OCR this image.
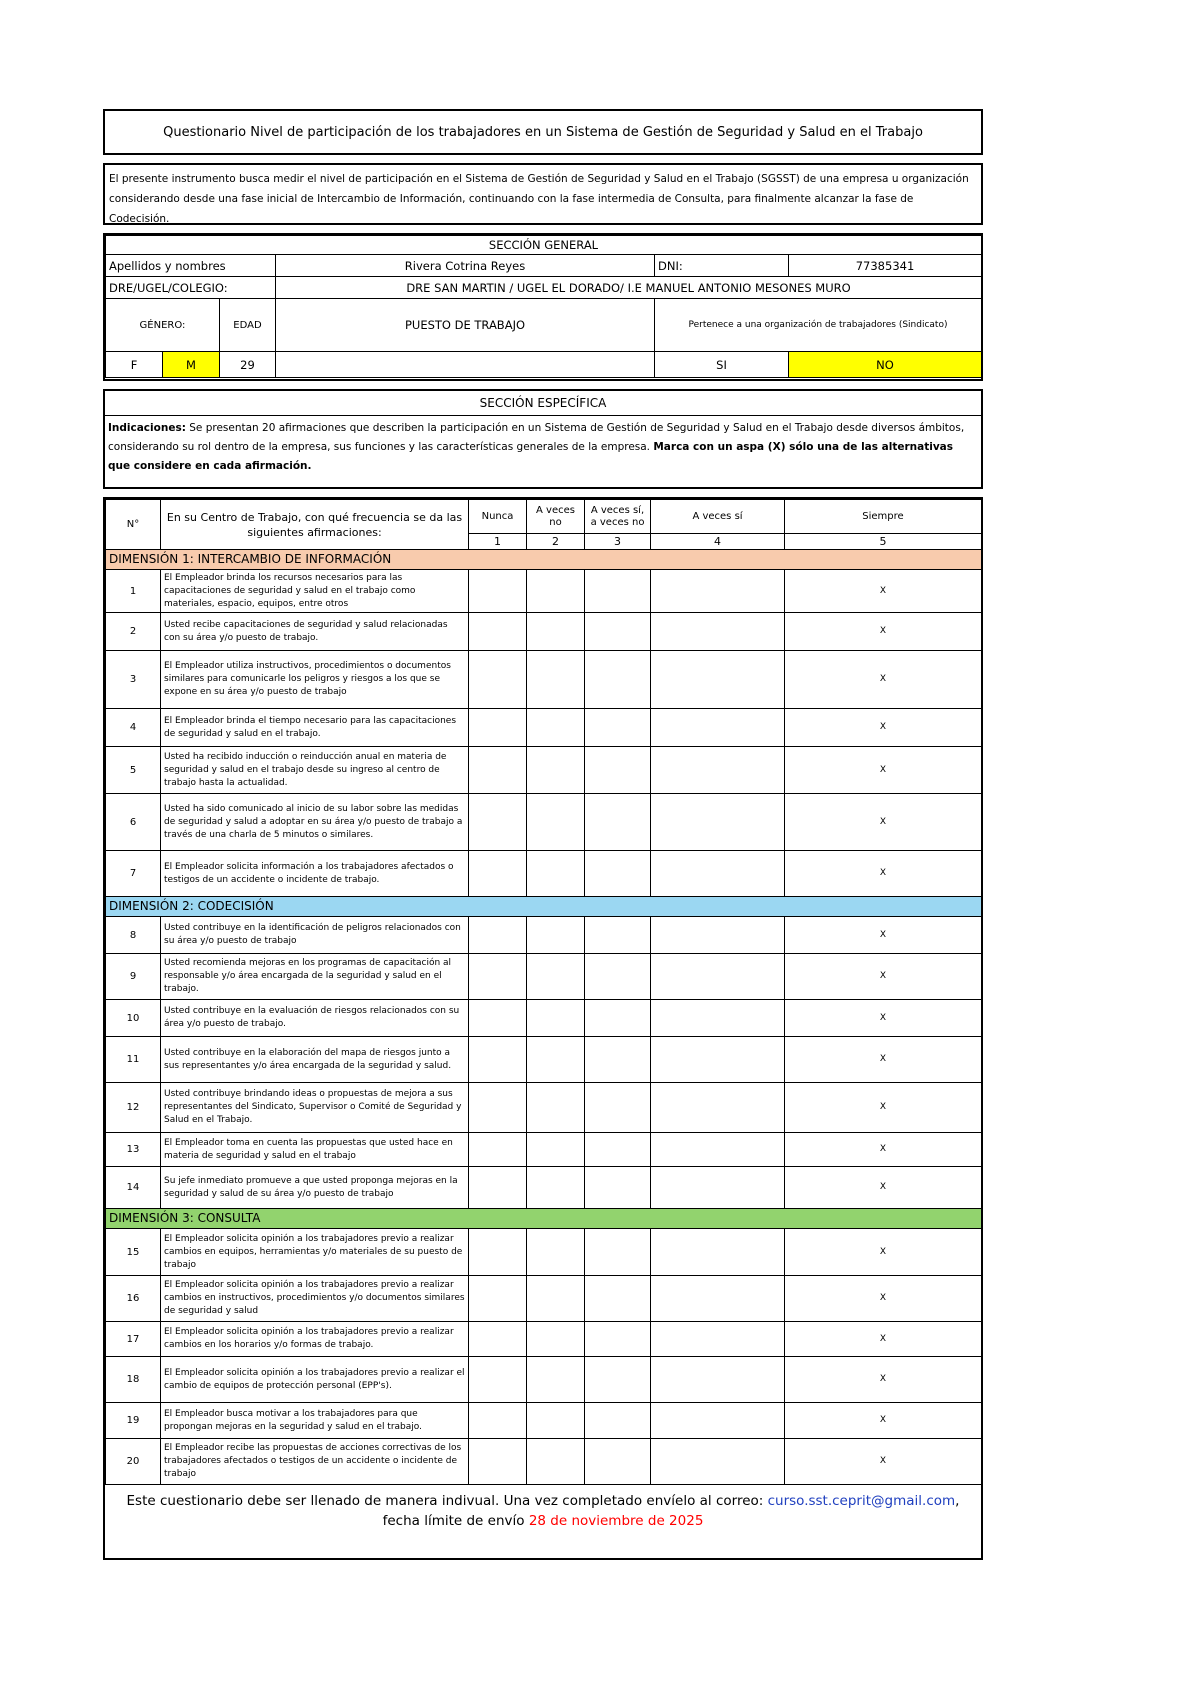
Questionario Nivel de participación de los trabajadores en un Sistema de Gestión de Seguridad y Salud en el Trabajo
El presente instrumento busca medir el nivel de participación en el Sistema de Gestión de Seguridad y Salud en el Trabajo (SGSST) de una empresa u organización considerando desde una fase inicial de Intercambio de Información, continuando con la fase intermedia de Consulta, para finalmente alcanzar la fase de Codecisión.
SECCIÓN GENERAL					
Apellidos y nombres			Rivera Cotrina Reyes	DNI:	77385341
DRE/UGEL/COLEGIO:			DRE SAN MARTIN / UGEL EL DORADO/ I.E MANUEL ANTONIO MESONES MURO		
GÉNERO:		EDAD	PUESTO DE TRABAJO	Pertenece a una organización de trabajadores (Sindicato)	
F	M	29		SI	NO
SECCIÓN ESPECÍFICA
Indicaciones: Se presentan 20 afirmaciones que describen la participación en un Sistema de Gestión de Seguridad y Salud en el Trabajo desde diversos ámbitos, considerando su rol dentro de la empresa, sus funciones y las características generales de la empresa. Marca con un aspa (X) sólo una de las alternativas que considere en cada afirmación.
N°	En su Centro de Trabajo, con qué frecuencia se da las siguientes afirmaciones:	Nunca	A veces no	A veces sí, a veces no	A veces sí	Siempre
		1	2	3	4	5
DIMENSIÓN 1: INTERCAMBIO DE INFORMACIÓN						
1	El Empleador brinda los recursos necesarios para las capacitaciones de seguridad y salud en el trabajo como materiales, espacio, equipos, entre otros					X
2	Usted recibe capacitaciones de seguridad y salud relacionadas con su área y/o puesto de trabajo.					X
3	El Empleador utiliza instructivos, procedimientos o documentos similares para comunicarle los peligros y riesgos a los que se expone en su área y/o puesto de trabajo					X
4	El Empleador brinda el tiempo necesario para las capacitaciones de seguridad y salud en el trabajo.					X
5	Usted ha recibido inducción o reinducción anual en materia de seguridad y salud en el trabajo desde su ingreso al centro de trabajo hasta la actualidad.					X
6	Usted ha sido comunicado al inicio de su labor sobre las medidas de seguridad y salud a adoptar en su área y/o puesto de trabajo a través de una charla de 5 minutos o similares.					X
7	El Empleador solicita información a los trabajadores afectados o testigos de un accidente o incidente de trabajo.					X
DIMENSIÓN 2: CODECISIÓN						
8	Usted contribuye en la identificación de peligros relacionados con su área y/o puesto de trabajo					X
9	Usted recomienda mejoras en los programas de capacitación al responsable y/o área encargada de la seguridad y salud en el trabajo.					X
10	Usted contribuye en la evaluación de riesgos relacionados con su área y/o puesto de trabajo.					X
11	Usted contribuye en la elaboración del mapa de riesgos junto a sus representantes y/o área encargada de la seguridad y salud.					X
12	Usted contribuye brindando ideas o propuestas de mejora a sus representantes del Sindicato, Supervisor o Comité de Seguridad y Salud en el Trabajo.					X
13	El Empleador toma en cuenta las propuestas que usted hace en materia de seguridad y salud en el trabajo					X
14	Su jefe inmediato promueve a que usted proponga mejoras en la seguridad y salud de su área y/o puesto de trabajo					X
DIMENSIÓN 3: CONSULTA						
15	El Empleador solicita opinión a los trabajadores previo a realizar cambios en equipos, herramientas y/o materiales de su puesto de trabajo					X
16	El Empleador solicita opinión a los trabajadores previo a realizar cambios en instructivos, procedimientos y/o documentos similares de seguridad y salud					X
17	El Empleador solicita opinión a los trabajadores previo a realizar cambios en los horarios y/o formas de trabajo.					X
18	El Empleador solicita opinión a los trabajadores previo a realizar el cambio de equipos de protección personal (EPP's).					X
19	El Empleador busca motivar a los trabajadores para que propongan mejoras en la seguridad y salud en el trabajo.					X
20	El Empleador recibe las propuestas de acciones correctivas de los trabajadores afectados o testigos de un accidente o incidente de trabajo					X
Este cuestionario debe ser llenado de manera indivual. Una vez completado envíelo al correo: curso.sst.ceprit@gmail.com,
fecha límite de envío 28 de noviembre de 2025
